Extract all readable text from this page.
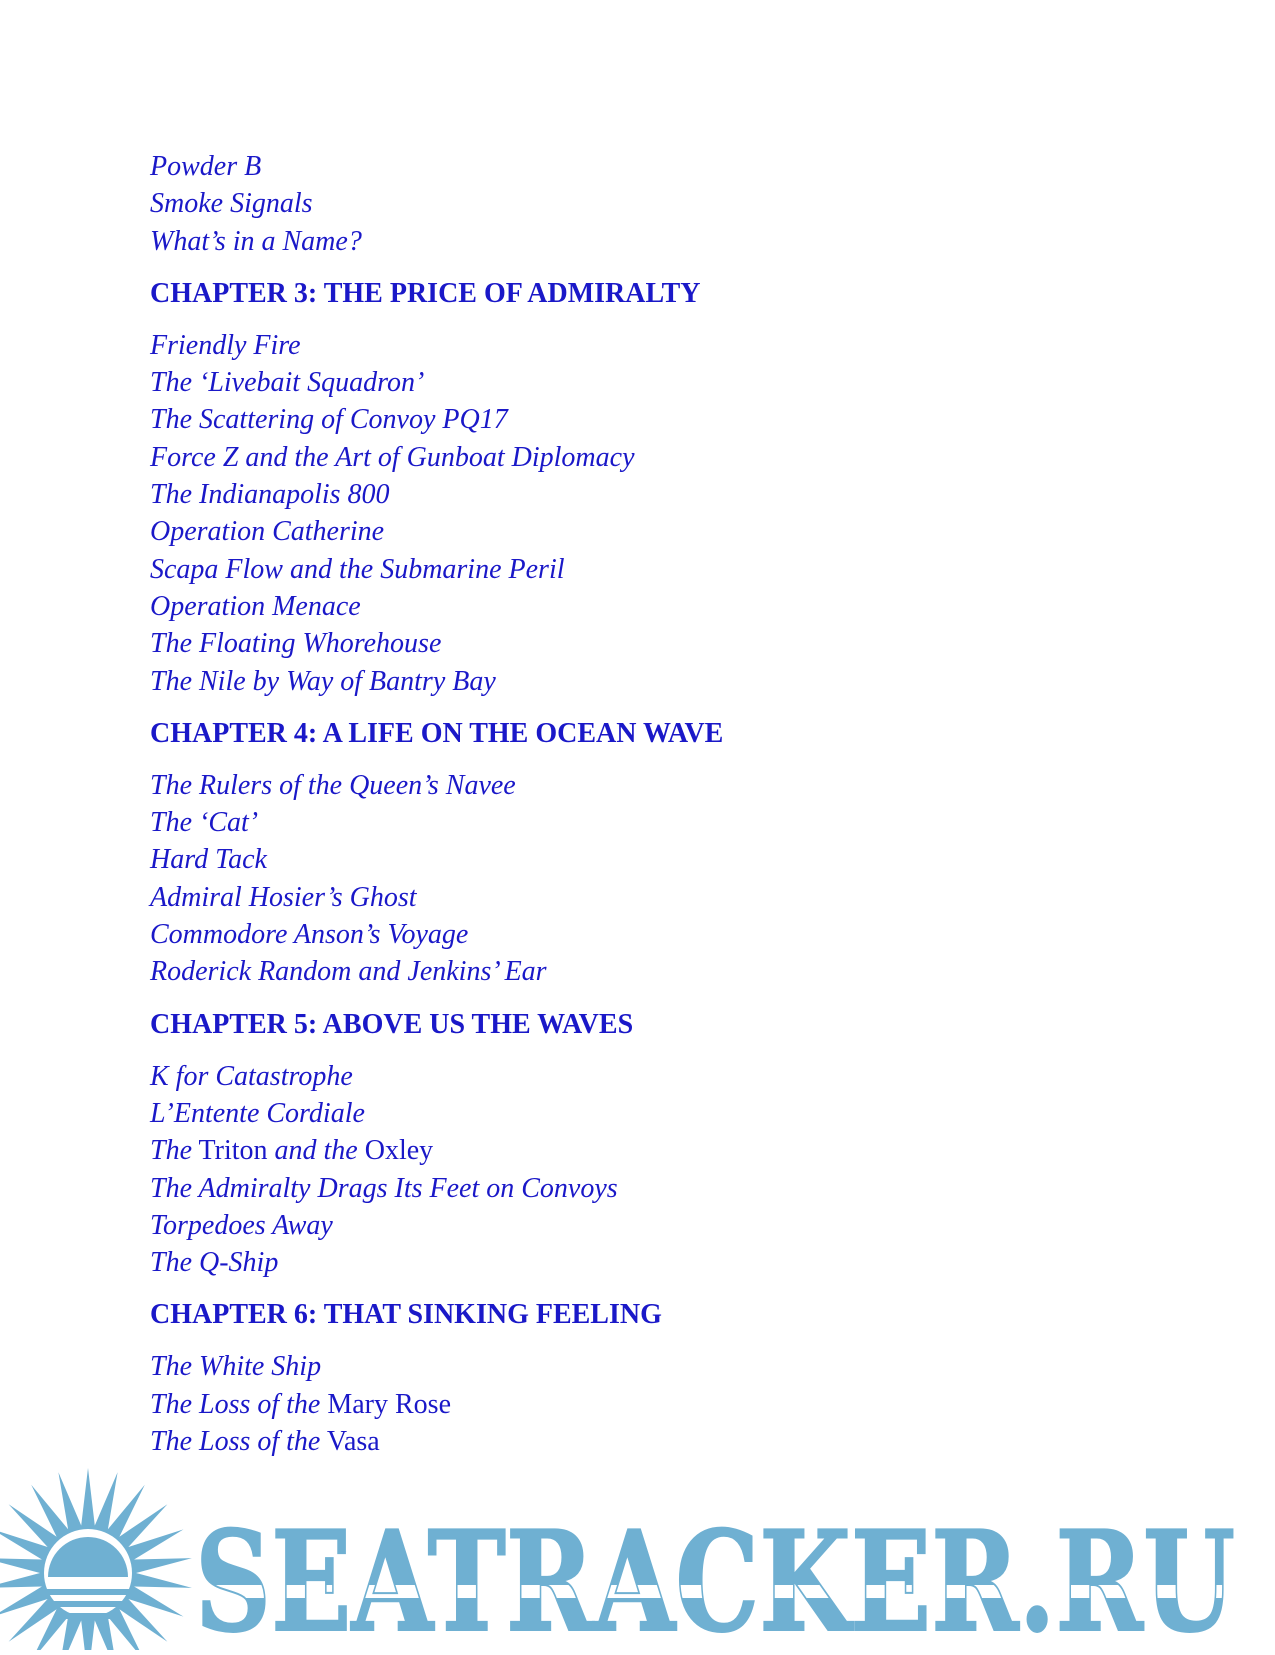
Powder B
Smoke Signals
What’s in a Name?
CHAPTER 3: THE PRICE OF ADMIRALTY
Friendly Fire
The ‘Livebait Squadron’
The Scattering of Convoy PQ17
Force Z and the Art of Gunboat Diplomacy
The Indianapolis 800
Operation Catherine
Scapa Flow and the Submarine Peril
Operation Menace
The Floating Whorehouse
The Nile by Way of Bantry Bay
CHAPTER 4: A LIFE ON THE OCEAN WAVE
The Rulers of the Queen’s Navee
The ‘Cat’
Hard Tack
Admiral Hosier’s Ghost
Commodore Anson’s Voyage
Roderick Random and Jenkins’ Ear
CHAPTER 5: ABOVE US THE WAVES
K for Catastrophe
L’Entente Cordiale
The Triton and the Oxley
The Admiralty Drags Its Feet on Convoys
Torpedoes Away
The Q-Ship
CHAPTER 6: THAT SINKING FEELING
The White Ship
The Loss of the Mary Rose
The Loss of the Vasa
SEATRACKER.RU
